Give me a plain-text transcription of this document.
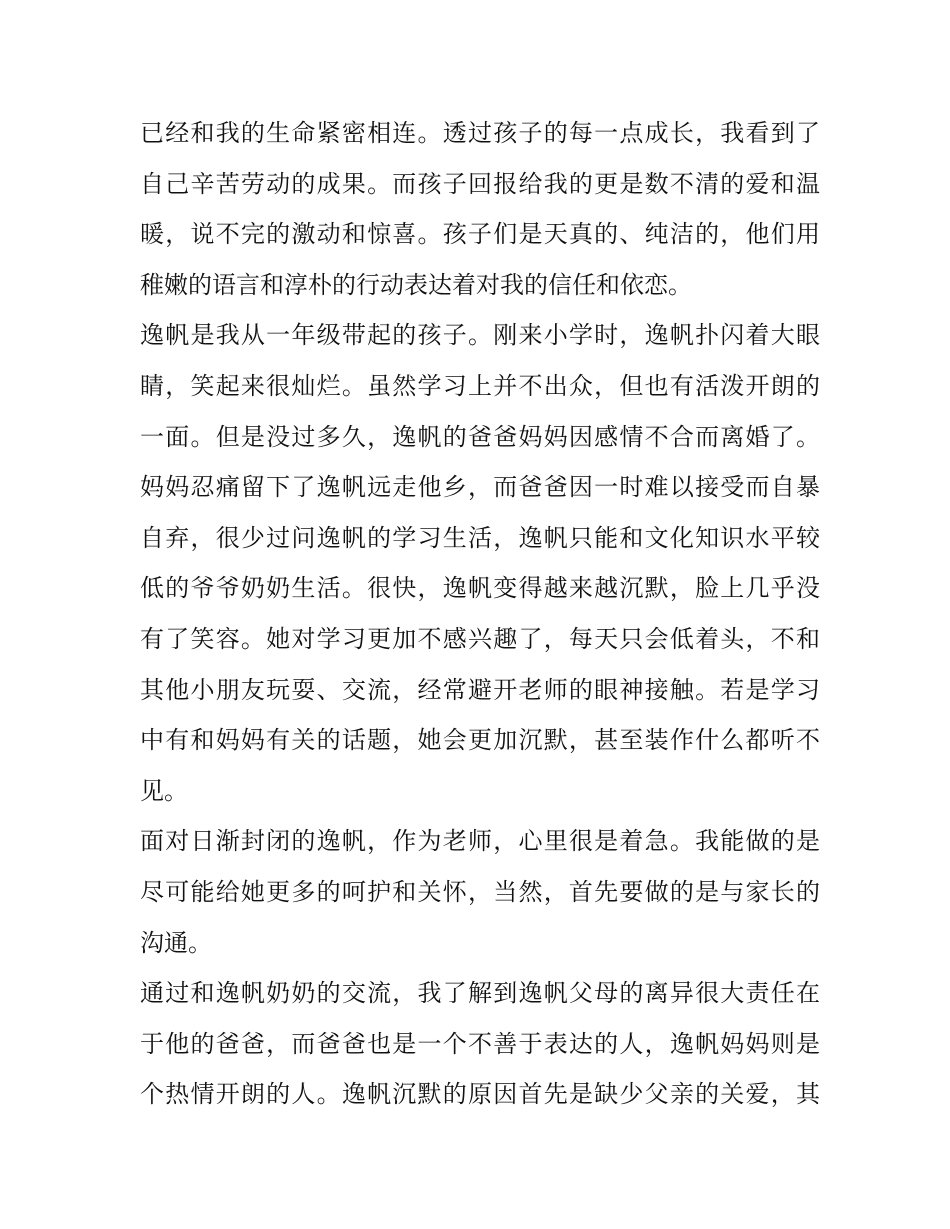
已经和我的生命紧密相连。透过孩子的每一点成长，我看到了
自己辛苦劳动的成果。而孩子回报给我的更是数不清的爱和温
暖，说不完的激动和惊喜。孩子们是天真的、纯洁的，他们用
稚嫩的语言和淳朴的行动表达着对我的信任和依恋。
逸帆是我从一年级带起的孩子。刚来小学时，逸帆扑闪着大眼
睛，笑起来很灿烂。虽然学习上并不出众，但也有活泼开朗的
一面。但是没过多久，逸帆的爸爸妈妈因感情不合而离婚了。
妈妈忍痛留下了逸帆远走他乡，而爸爸因一时难以接受而自暴
自弃，很少过问逸帆的学习生活，逸帆只能和文化知识水平较
低的爷爷奶奶生活。很快，逸帆变得越来越沉默，脸上几乎没
有了笑容。她对学习更加不感兴趣了，每天只会低着头，不和
其他小朋友玩耍、交流，经常避开老师的眼神接触。若是学习
中有和妈妈有关的话题，她会更加沉默，甚至装作什么都听不
见。
面对日渐封闭的逸帆，作为老师，心里很是着急。我能做的是
尽可能给她更多的呵护和关怀，当然，首先要做的是与家长的
沟通。
通过和逸帆奶奶的交流，我了解到逸帆父母的离异很大责任在
于他的爸爸，而爸爸也是一个不善于表达的人，逸帆妈妈则是
个热情开朗的人。逸帆沉默的原因首先是缺少父亲的关爱，其
